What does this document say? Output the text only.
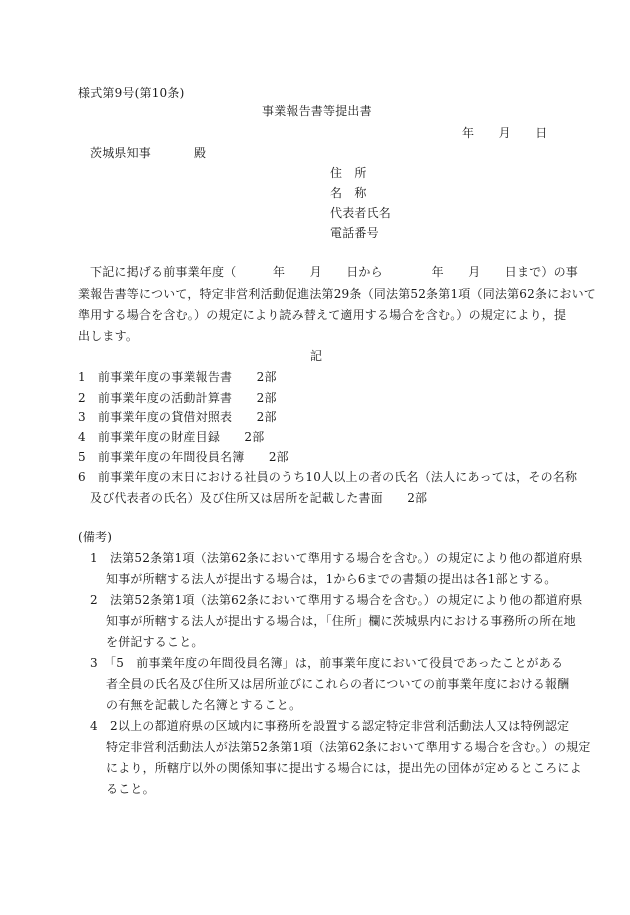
様式第9号(第10条)
事業報告書等提出書
年　　月　　日
茨城県知事	殿
住　所
名　称
代表者氏名
電話番号
下記に掲げる前事業年度（　　　年　　月　　日から　　　　年　　月　　日まで）の事
業報告書等について，特定非営利活動促進法第29条（同法第52条第1項（同法第62条において
準用する場合を含む。）の規定により読み替えて適用する場合を含む。）の規定により，提
出します。
記
1　前事業年度の事業報告書　　2部
2　前事業年度の活動計算書　　2部
3　前事業年度の貸借対照表　　2部
4　前事業年度の財産目録　　2部
5　前事業年度の年間役員名簿　　2部
6　前事業年度の末日における社員のうち10人以上の者の氏名（法人にあっては，その名称
及び代表者の氏名）及び住所又は居所を記載した書面　　2部
(備考)
1　法第52条第1項（法第62条において準用する場合を含む。）の規定により他の都道府県
知事が所轄する法人が提出する場合は，1から6までの書類の提出は各1部とする。
2　法第52条第1項（法第62条において準用する場合を含む。）の規定により他の都道府県
知事が所轄する法人が提出する場合は，「住所」欄に茨城県内における事務所の所在地
を併記すること。
3　「5　前事業年度の年間役員名簿」は，前事業年度において役員であったことがある
者全員の氏名及び住所又は居所並びにこれらの者についての前事業年度における報酬
の有無を記載した名簿とすること。
4　2以上の都道府県の区域内に事務所を設置する認定特定非営利活動法人又は特例認定
特定非営利活動法人が法第52条第1項（法第62条において準用する場合を含む。）の規定
により，所轄庁以外の関係知事に提出する場合には，提出先の団体が定めるところによ
ること。
